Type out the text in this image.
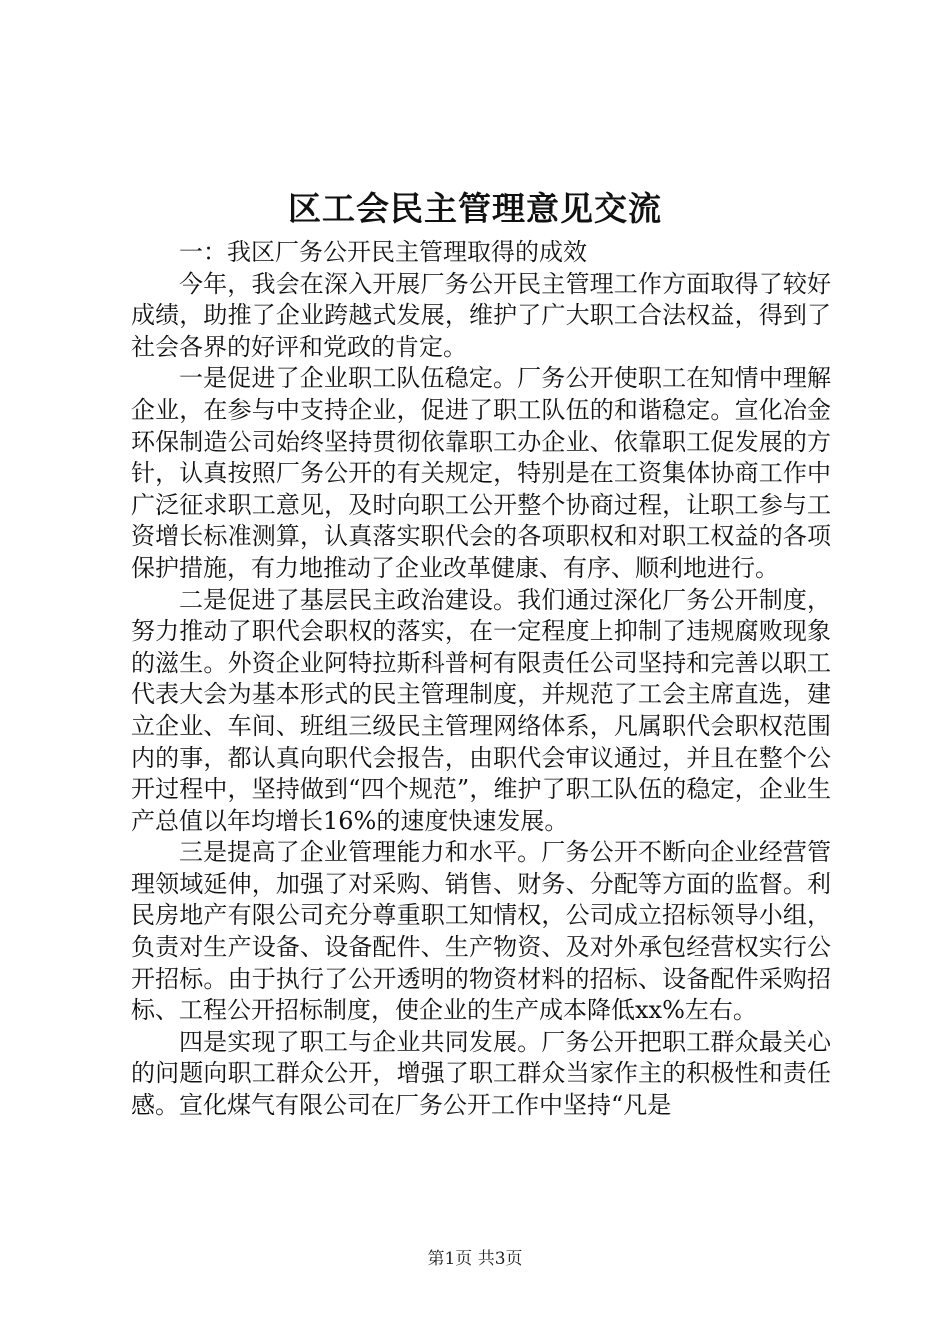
区工会民主管理意见交流

一：我区厂务公开民主管理取得的成效

今年，我会在深入开展厂务公开民主管理工作方面取得了较好成绩，助推了企业跨越式发展，维护了广大职工合法权益，得到了社会各界的好评和党政的肯定。

一是促进了企业职工队伍稳定。厂务公开使职工在知情中理解企业，在参与中支持企业，促进了职工队伍的和谐稳定。宣化冶金环保制造公司始终坚持贯彻依靠职工办企业、依靠职工促发展的方针，认真按照厂务公开的有关规定，特别是在工资集体协商工作中广泛征求职工意见，及时向职工公开整个协商过程，让职工参与工资增长标准测算，认真落实职代会的各项职权和对职工权益的各项保护措施，有力地推动了企业改革健康、有序、顺利地进行。

二是促进了基层民主政治建设。我们通过深化厂务公开制度，努力推动了职代会职权的落实，在一定程度上抑制了违规腐败现象的滋生。外资企业阿特拉斯科普柯有限责任公司坚持和完善以职工代表大会为基本形式的民主管理制度，并规范了工会主席直选，建立企业、车间、班组三级民主管理网络体系，凡属职代会职权范围内的事，都认真向职代会报告，由职代会审议通过，并且在整个公开过程中，坚持做到“四个规范”，维护了职工队伍的稳定，企业生产总值以年均增长16%的速度快速发展。

三是提高了企业管理能力和水平。厂务公开不断向企业经营管理领域延伸，加强了对采购、销售、财务、分配等方面的监督。利民房地产有限公司充分尊重职工知情权，公司成立招标领导小组，负责对生产设备、设备配件、生产物资、及对外承包经营权实行公开招标。由于执行了公开透明的物资材料的招标、设备配件采购招标、工程公开招标制度，使企业的生产成本降低xx%左右。

四是实现了职工与企业共同发展。厂务公开把职工群众最关心的问题向职工群众公开，增强了职工群众当家作主的积极性和责任感。宣化煤气有限公司在厂务公开工作中坚持“凡是

第1页 共3页
